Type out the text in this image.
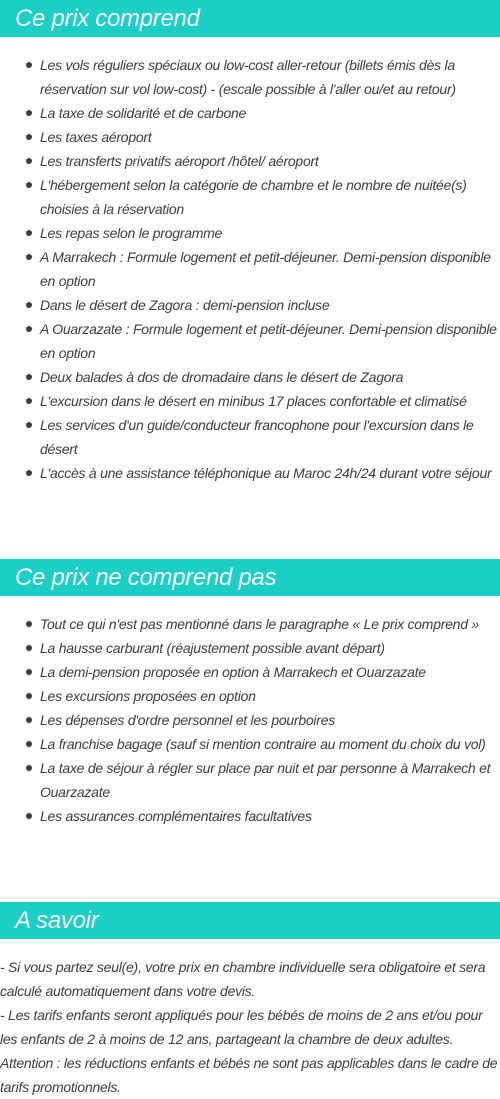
Ce prix comprend
Les vols réguliers spéciaux ou low-cost aller-retour (billets émis dès la réservation sur vol low-cost) - (escale possible à l'aller ou/et au retour)
La taxe de solidarité et de carbone
Les taxes aéroport
Les transferts privatifs aéroport /hôtel/ aéroport
L'hébergement selon la catégorie de chambre et le nombre de nuitée(s) choisies à la réservation
Les repas selon le programme
A Marrakech : Formule logement et petit-déjeuner. Demi-pension disponible en option
Dans le désert de Zagora : demi-pension incluse
A Ouarzazate : Formule logement et petit-déjeuner. Demi-pension disponible en option
Deux balades à dos de dromadaire dans le désert de Zagora
L'excursion dans le désert en minibus 17 places confortable et climatisé
Les services d'un guide/conducteur francophone pour l'excursion dans le désert
L'accès à une assistance téléphonique au Maroc 24h/24 durant votre séjour
Ce prix ne comprend pas
Tout ce qui n'est pas mentionné dans le paragraphe « Le prix comprend »
La hausse carburant (réajustement possible avant départ)
La demi-pension proposée en option à Marrakech et Ouarzazate
Les excursions proposées en option
Les dépenses d'ordre personnel et les pourboires
La franchise bagage (sauf si mention contraire au moment du choix du vol)
La taxe de séjour à régler sur place par nuit et par personne à Marrakech et Ouarzazate
Les assurances complémentaires facultatives
A savoir

- Si vous partez seul(e), votre prix en chambre individuelle sera obligatoire et sera calculé automatiquement dans votre devis.

- Les tarifs enfants seront appliqués pour les bébés de moins de 2 ans et/ou pour les enfants de 2 à moins de 12 ans, partageant la chambre de deux adultes.

Attention : les réductions enfants et bébés ne sont pas applicables dans le cadre de tarifs promotionnels.
